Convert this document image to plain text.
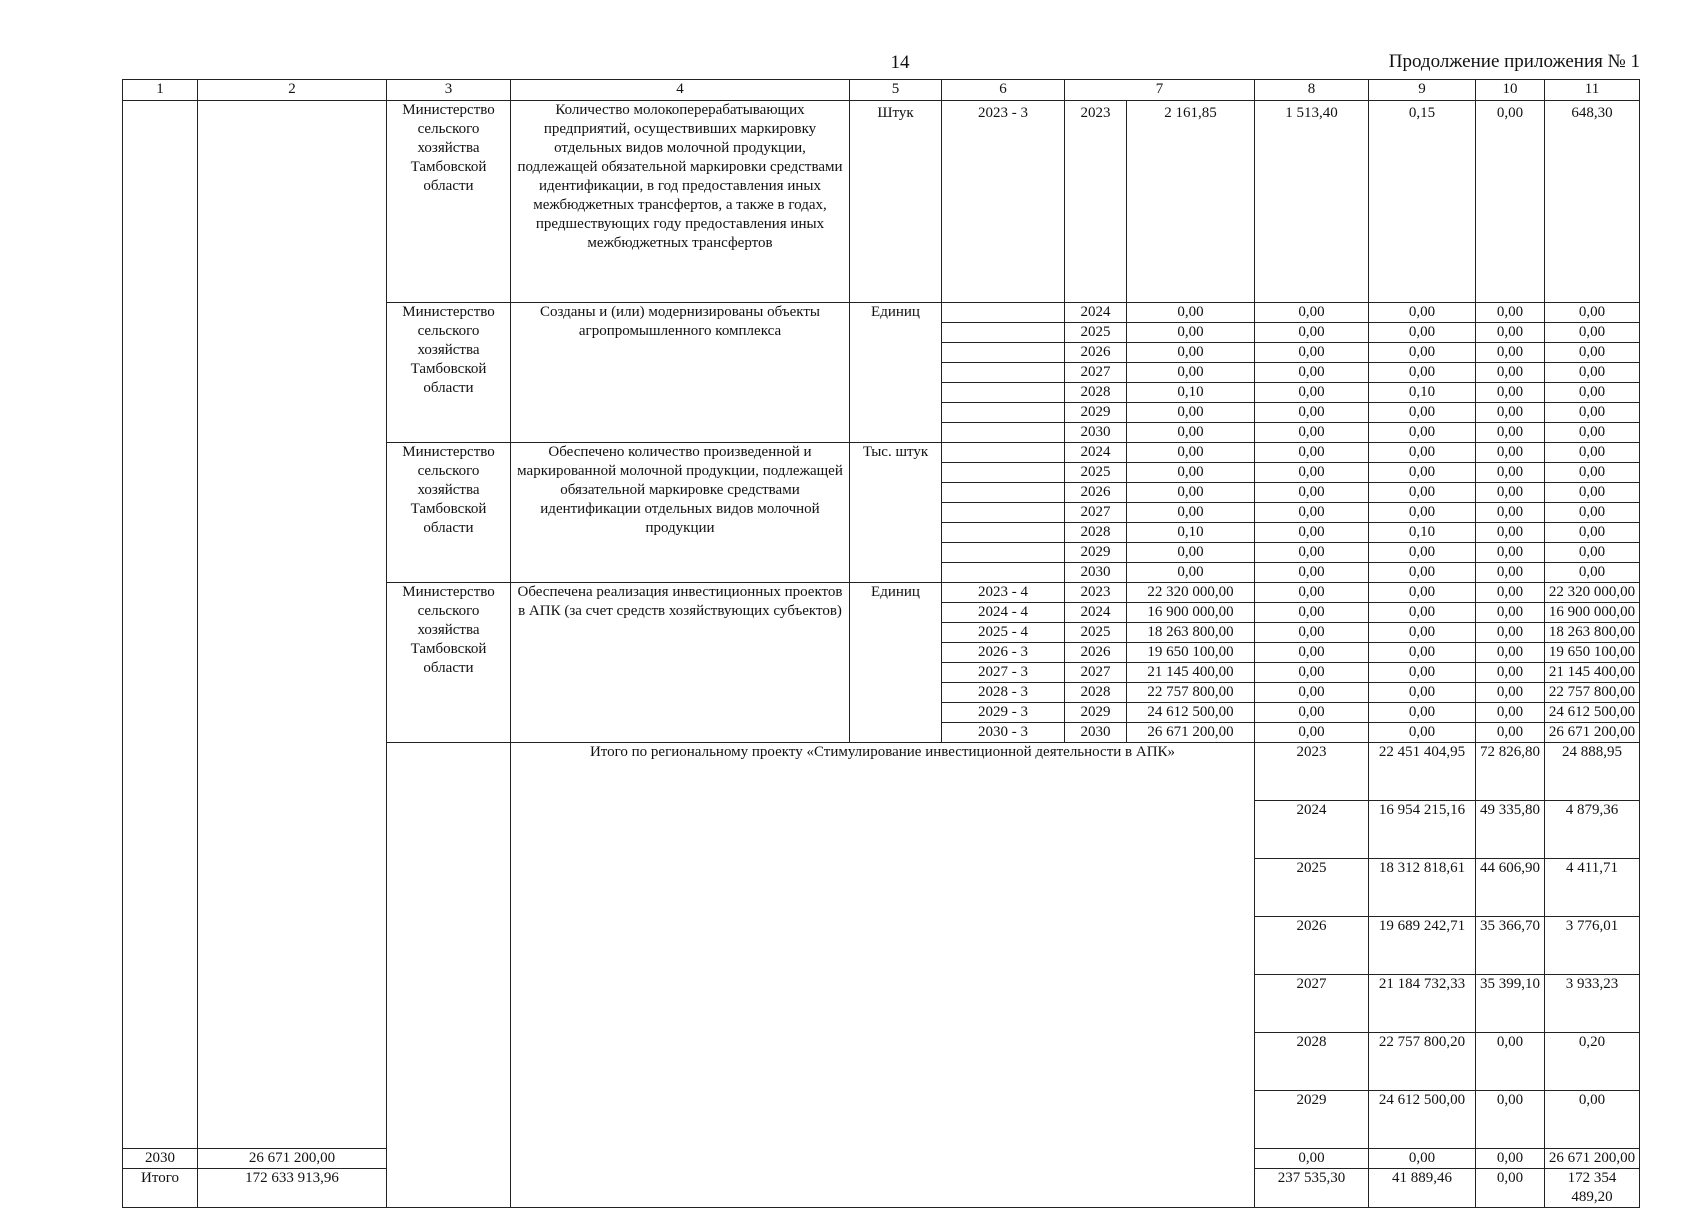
14	Продолжение приложения № 1
1	2	3	4	5	6	7		8	9	10	11	
		Министерство сельского хозяйства Тамбовской области	Количество молокоперерабатывающих предприятий, осуществивших маркировку отдельных видов молочной продукции, подлежащей обязательной маркировки средствами идентификации, в год предоставления иных межбюджетных трансфертов, а также в годах, предшествующих году предоставления иных межбюджетных трансфертов	Штук	2023 - 3	2023	2 161,85	1 513,40	0,15	0,00	648,30	
		Министерство сельского хозяйства Тамбовской области	Созданы и (или) модернизированы объекты агропромышленного комплекса	Единиц		2024	0,00	0,00	0,00	0,00	0,00	
						2025	0,00	0,00	0,00	0,00	0,00	
						2026	0,00	0,00	0,00	0,00	0,00	
						2027	0,00	0,00	0,00	0,00	0,00	
						2028	0,10	0,00	0,10	0,00	0,00	
						2029	0,00	0,00	0,00	0,00	0,00	
						2030	0,00	0,00	0,00	0,00	0,00	
		Министерство сельского хозяйства Тамбовской области	Обеспечено количество произведенной и маркированной молочной продукции, подлежащей обязательной маркировке средствами идентификации отдельных видов молочной продукции	Тыс. штук		2024	0,00	0,00	0,00	0,00	0,00	
						2025	0,00	0,00	0,00	0,00	0,00	
						2026	0,00	0,00	0,00	0,00	0,00	
						2027	0,00	0,00	0,00	0,00	0,00	
						2028	0,10	0,00	0,10	0,00	0,00	
						2029	0,00	0,00	0,00	0,00	0,00	
						2030	0,00	0,00	0,00	0,00	0,00	
		Министерство сельского хозяйства Тамбовской области	Обеспечена реализация инвестиционных проектов в АПК (за счет средств хозяйствующих субъектов)	Единиц	2023 - 4	2023	22 320 000,00	0,00	0,00	0,00	22 320 000,00	
					2024 - 4	2024	16 900 000,00	0,00	0,00	0,00	16 900 000,00	
					2025 - 4	2025	18 263 800,00	0,00	0,00	0,00	18 263 800,00	
					2026 - 3	2026	19 650 100,00	0,00	0,00	0,00	19 650 100,00	
					2027 - 3	2027	21 145 400,00	0,00	0,00	0,00	21 145 400,00	
					2028 - 3	2028	22 757 800,00	0,00	0,00	0,00	22 757 800,00	
					2029 - 3	2029	24 612 500,00	0,00	0,00	0,00	24 612 500,00	
					2030 - 3	2030	26 671 200,00	0,00	0,00	0,00	26 671 200,00	
			Итого по региональному проекту «Стимулирование инвестиционной деятельности в АПК»					2023	22 451 404,95	72 826,80	24 888,95		
								2024	16 954 215,16	49 335,80	4 879,36		
								2025	18 312 818,61	44 606,90	4 411,71		
								2026	19 689 242,71	35 366,70	3 776,01		
								2027	21 184 732,33	35 399,10	3 933,23		
								2028	22 757 800,20	0,00	0,20		
								2029	24 612 500,00	0,00	0,00		
2030	26 671 200,00							0,00	0,00	0,00	26 671 200,00	
Итого	172 633 913,96							237 535,30	41 889,46	0,00	172 354 489,20	
